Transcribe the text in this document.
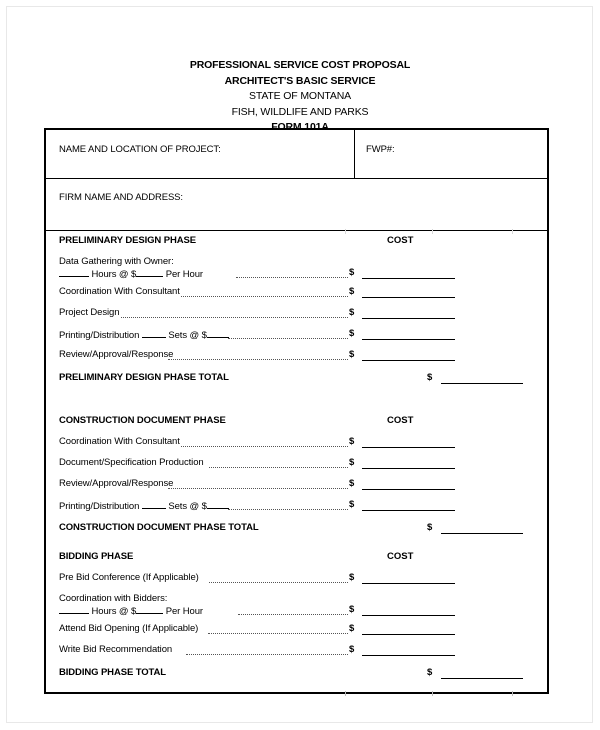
PROFESSIONAL SERVICE COST PROPOSAL
ARCHITECT'S BASIC SERVICE
STATE OF MONTANA
FISH, WILDLIFE AND PARKS
FORM 101A
NAME AND LOCATION OF PROJECT:	FWP#:
FIRM NAME AND ADDRESS:
PRELIMINARY DESIGN PHASE	COST
Data Gathering with Owner:
Hours @ $	Per Hour	$
Coordination With Consultant	$
Project Design	$
Printing/Distribution	Sets @ $	$
Review/Approval/Response	$
PRELIMINARY DESIGN PHASE TOTAL	$
CONSTRUCTION DOCUMENT PHASE	COST
Coordination With Consultant	$
Document/Specification Production	$
Review/Approval/Response	$
Printing/Distribution	Sets @ $	$
CONSTRUCTION DOCUMENT PHASE TOTAL	$
BIDDING PHASE	COST
Pre Bid Conference (If Applicable)	$
Coordination with Bidders:
Hours @ $	Per Hour	$
Attend Bid Opening (If Applicable)	$
Write Bid Recommendation	$
BIDDING PHASE TOTAL	$
